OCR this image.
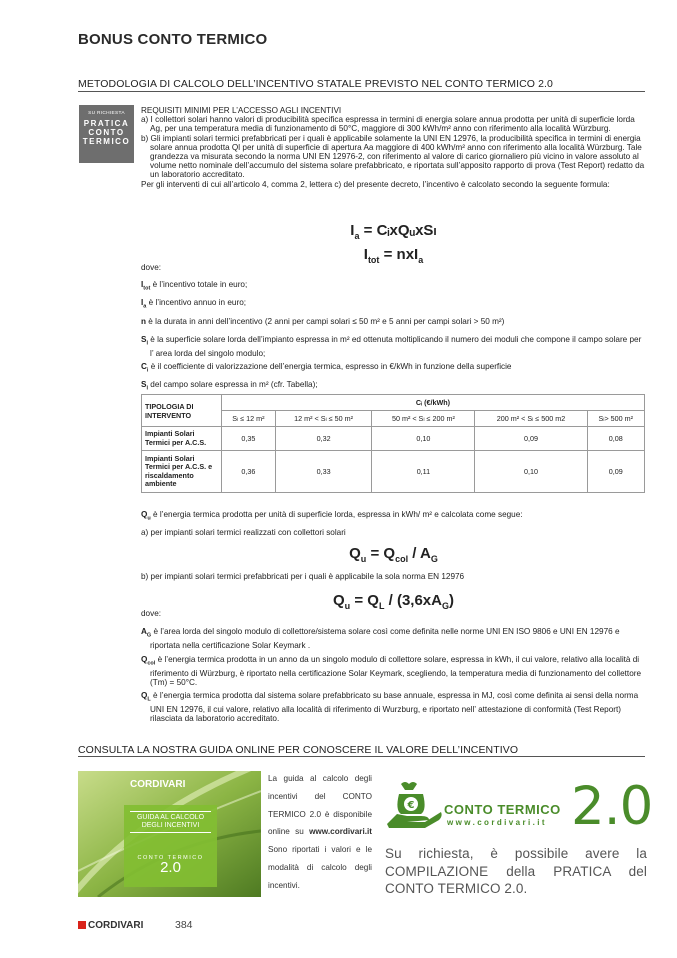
BONUS CONTO TERMICO
METODOLOGIA DI CALCOLO DELL’INCENTIVO STATALE PREVISTO NEL CONTO TERMICO 2.0
SU RICHIESTA
PRATICA
CONTO
TERMICO
REQUISITI MINIMI PER L’ACCESSO AGLI INCENTIVI
a) I collettori solari hanno valori di producibilità specifica espressa in termini di energia solare annua prodotta per unità di superficie lorda Ag, per una temperatura media di funzionamento di 50°C, maggiore di 300 kWh/m² anno con riferimento alla località Würzburg.
b) Gli impianti solari termici prefabbricati per i quali è applicabile solamente la UNI EN 12976, la producibilità specifica in termini di energia solare annua prodotta Ql per unità di superficie di apertura Aa maggiore di 400 kWh/m² anno con riferimento alla località Würzburg. Tale grandezza va misurata secondo la norma UNI EN 12976-2, con riferimento al valore di carico giornaliero più vicino in valore assoluto al volume netto nominale dell’accumulo del sistema solare prefabbricato, e riportata sull’apposito rapporto di prova (Test Report) redatto da un laboratorio accreditato.
Per gli interventi di cui all’articolo 4, comma 2, lettera c) del presente decreto, l’incentivo è calcolato secondo la seguente formula:
$I_a$ = CᵢxQᵤxSₗ
$I_{tot} = nxI_a$
dove:
$I_{tot}$ è l’incentivo totale in euro;
$I_a$ è l’incentivo annuo in euro;
n è la durata in anni dell’incentivo (2 anni per campi solari ≤ 50 m² e 5 anni per campi solari > 50 m²)
$S_l$ è la superficie solare lorda dell’impianto espressa in m² ed ottenuta moltiplicando il numero dei moduli che compone il campo solare per l’ area lorda del singolo modulo;
$C_i$ è il coefficiente di valorizzazione dell’energia termica, espresso in €/kWh in funzione della superficie
$S_l$ del campo solare espressa in m² (cfr. Tabella);
TIPOLOGIA DI INTERVENTO	Cᵢ (€/kWh)				
	Sₗ ≤ 12 m²	12 m² < Sₗ ≤ 50 m²	50 m² < Sₗ ≤ 200 m²	200 m² < Sₗ ≤ 500 m2	Sₗ> 500 m²
Impianti Solari Termici per A.C.S.	0,35	0,32	0,10	0,09	0,08
Impianti Solari Termici per A.C.S. e riscaldamento ambiente	0,36	0,33	0,11	0,10	0,09
$Q_u$ è l’energia termica prodotta per unità di superficie lorda, espressa in kWh/ m² e calcolata come segue:
a) per impianti solari termici realizzati con collettori solari
$Q_u = Q_{col} / A_G$
b) per impianti solari termici prefabbricati per i quali è applicabile la sola norma EN 12976
$Q_u = Q_L / (3,6xA_G)$
dove:
$A_G$ è l’area lorda del singolo modulo di collettore/sistema solare così come definita nelle norme UNI EN ISO 9806 e UNI EN 12976 e riportata nella certificazione Solar Keymark .
$Q_{col}$ è l’energia termica prodotta in un anno da un singolo modulo di collettore solare, espressa in kWh, il cui valore, relativo alla località di riferimento di Würzburg, è riportato nella certificazione Solar Keymark, scegliendo, la temperatura media di funzionamento del collettore (Tm) = 50°C.
$Q_L$ è l’energia termica prodotta dal sistema solare prefabbricato su base annuale, espressa in MJ, così come definita ai sensi della norma UNI EN 12976, il cui valore, relativo alla località di riferimento di Wurzburg, e riportato nell’ attestazione di conformità (Test Report) rilasciata da laboratorio accreditato.
CONSULTA LA NOSTRA GUIDA ONLINE PER CONOSCERE IL VALORE DELL’INCENTIVO
CORDIVARI
GUIDA AL CALCOLO DEGLI INCENTIVI
CONTO TERMICO
2.0
La guida al calcolo degli incentivi del CONTO TERMICO 2.0 è disponibile online su www.cordivari.it Sono riportati i valori e le modalità di calcolo degli incentivi.
€ CONTO TERMICO
www.cordivari.it 2.0
Su richiesta, è possibile avere la COMPILAZIONE della PRATICA del CONTO TERMICO 2.0.
CORDIVARI	384
